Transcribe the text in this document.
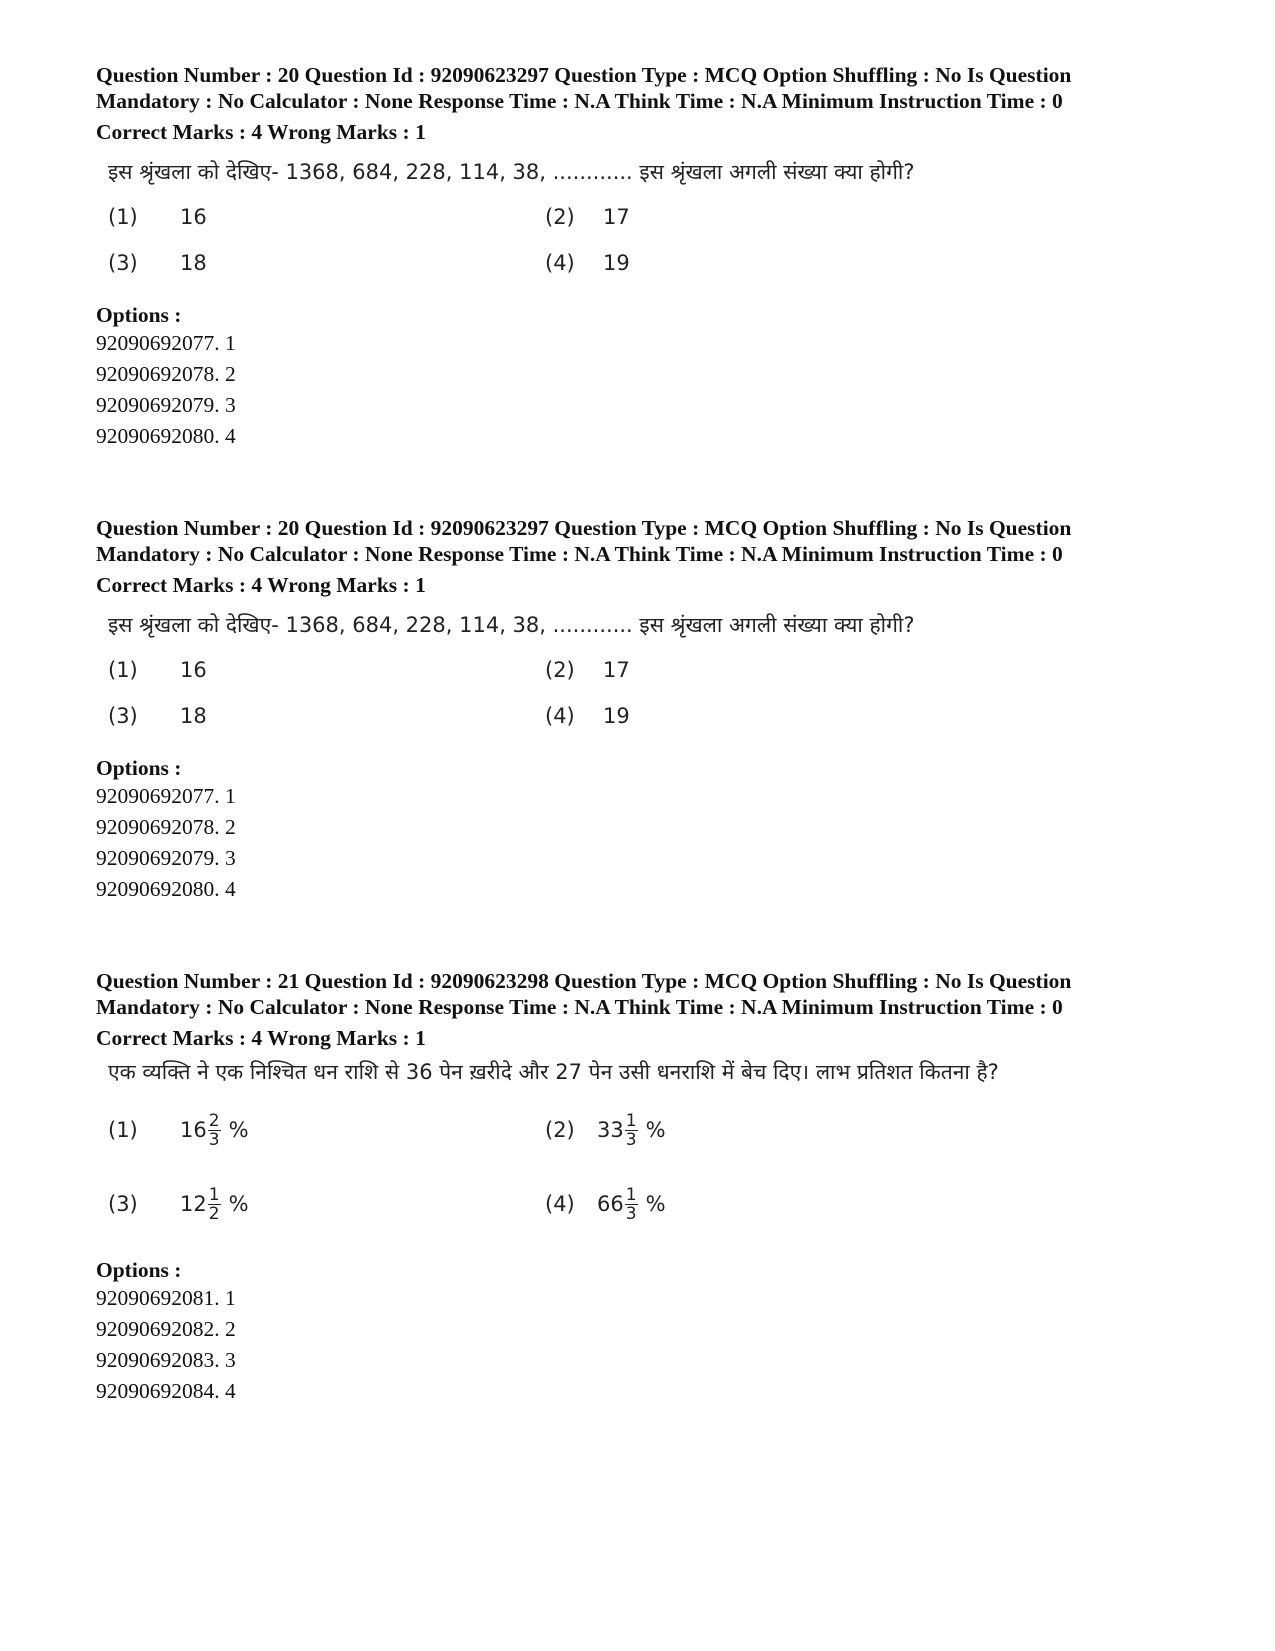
Question Number : 20 Question Id : 92090623297 Question Type : MCQ Option Shuffling : No Is Question

Mandatory : No Calculator : None Response Time : N.A Think Time : N.A Minimum Instruction Time : 0

Correct Marks : 4 Wrong Marks : 1

इस श्रृंखला को देखिए- 1368, 684, 228, 114, 38, ............ इस श्रृंखला अगली संख्या क्या होगी?
(1)	16	(2)	17
(3)	18	(4)	19

Options :

92090692077. 1

92090692078. 2

92090692079. 3

92090692080. 4

Question Number : 20 Question Id : 92090623297 Question Type : MCQ Option Shuffling : No Is Question

Mandatory : No Calculator : None Response Time : N.A Think Time : N.A Minimum Instruction Time : 0

Correct Marks : 4 Wrong Marks : 1

इस श्रृंखला को देखिए- 1368, 684, 228, 114, 38, ............ इस श्रृंखला अगली संख्या क्या होगी?
(1)	16	(2)	17
(3)	18	(4)	19

Options :

92090692077. 1

92090692078. 2

92090692079. 3

92090692080. 4

Question Number : 21 Question Id : 92090623298 Question Type : MCQ Option Shuffling : No Is Question

Mandatory : No Calculator : None Response Time : N.A Think Time : N.A Minimum Instruction Time : 0

Correct Marks : 4 Wrong Marks : 1

एक व्यक्ति ने एक निश्चित धन राशि से 36 पेन ख़रीदे और 27 पेन उसी धनराशि में बेच दिए। लाभ प्रतिशत कितना है?
(1)	$16 \frac{2}{3}$ %	(2)	$33 \frac{1}{3}$ %
(3)	$12 \frac{1}{2}$ %	(4)	$66 \frac{1}{3}$ %

Options :

92090692081. 1

92090692082. 2

92090692083. 3

92090692084. 4
